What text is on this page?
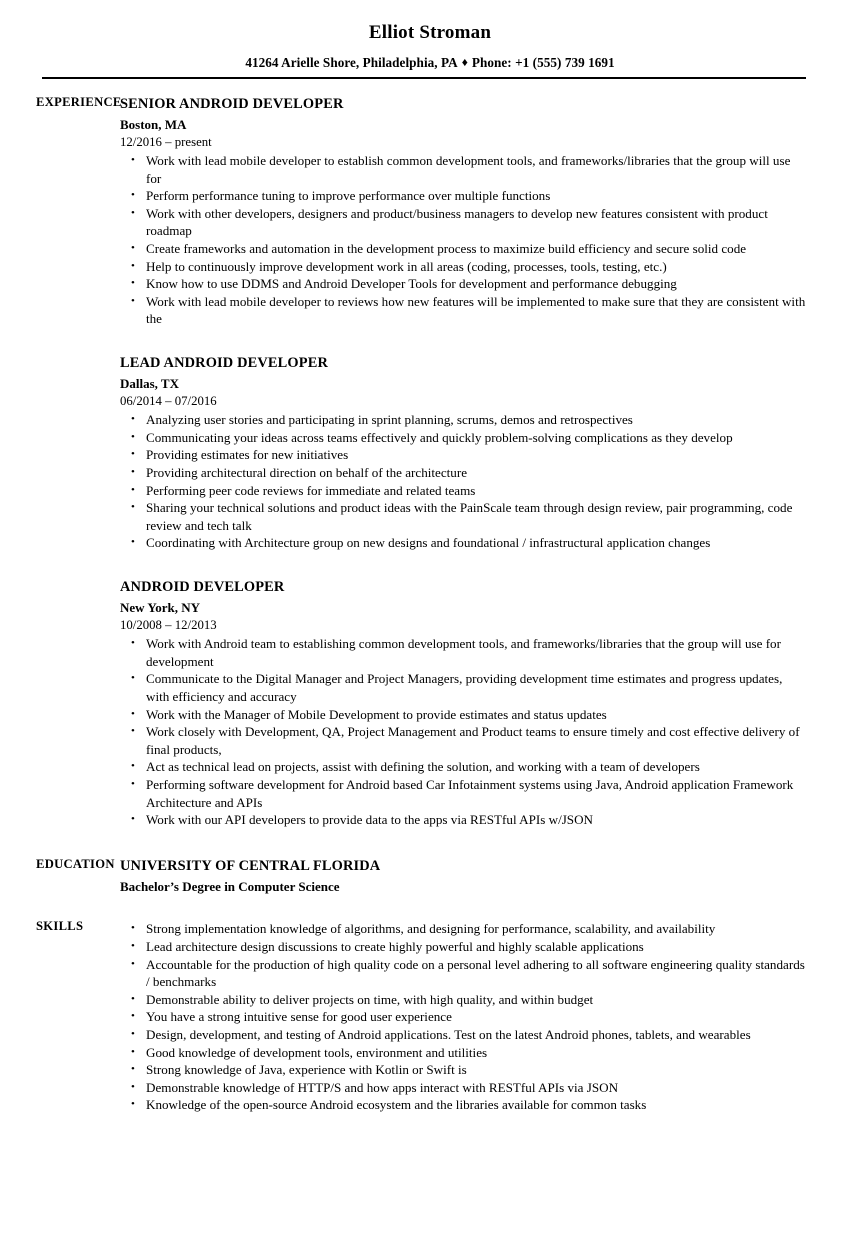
Elliot Stroman
41264 Arielle Shore, Philadelphia, PA ♦ Phone: +1 (555) 739 1691
EXPERIENCE
SENIOR ANDROID DEVELOPER
Boston, MA
12/2016 – present
• Work with lead mobile developer to establish common development tools, and frameworks/libraries that the group will use for
• Perform performance tuning to improve performance over multiple functions
• Work with other developers, designers and product/business managers to develop new features consistent with product roadmap
• Create frameworks and automation in the development process to maximize build efficiency and secure solid code
• Help to continuously improve development work in all areas (coding, processes, tools, testing, etc.)
• Know how to use DDMS and Android Developer Tools for development and performance debugging
• Work with lead mobile developer to reviews how new features will be implemented to make sure that they are consistent with the
LEAD ANDROID DEVELOPER
Dallas, TX
06/2014 – 07/2016
• Analyzing user stories and participating in sprint planning, scrums, demos and retrospectives
• Communicating your ideas across teams effectively and quickly problem-solving complications as they develop
• Providing estimates for new initiatives
• Providing architectural direction on behalf of the architecture
• Performing peer code reviews for immediate and related teams
• Sharing your technical solutions and product ideas with the PainScale team through design review, pair programming, code review and tech talk
• Coordinating with Architecture group on new designs and foundational / infrastructural application changes
ANDROID DEVELOPER
New York, NY
10/2008 – 12/2013
• Work with Android team to establishing common development tools, and frameworks/libraries that the group will use for development
• Communicate to the Digital Manager and Project Managers, providing development time estimates and progress updates, with efficiency and accuracy
• Work with the Manager of Mobile Development to provide estimates and status updates
• Work closely with Development, QA, Project Management and Product teams to ensure timely and cost effective delivery of final products,
• Act as technical lead on projects, assist with defining the solution, and working with a team of developers
• Performing software development for Android based Car Infotainment systems using Java, Android application Framework Architecture and APIs
• Work with our API developers to provide data to the apps via RESTful APIs w/JSON
EDUCATION UNIVERSITY OF CENTRAL FLORIDA
Bachelor’s Degree in Computer Science
SKILLS	• Strong implementation knowledge of algorithms, and designing for performance, scalability, and availability
• Lead architecture design discussions to create highly powerful and highly scalable applications
• Accountable for the production of high quality code on a personal level adhering to all software engineering quality standards / benchmarks
• Demonstrable ability to deliver projects on time, with high quality, and within budget
• You have a strong intuitive sense for good user experience
• Design, development, and testing of Android applications. Test on the latest Android phones, tablets, and wearables
• Good knowledge of development tools, environment and utilities
• Strong knowledge of Java, experience with Kotlin or Swift is
• Demonstrable knowledge of HTTP/S and how apps interact with RESTful APIs via JSON
• Knowledge of the open-source Android ecosystem and the libraries available for common tasks
